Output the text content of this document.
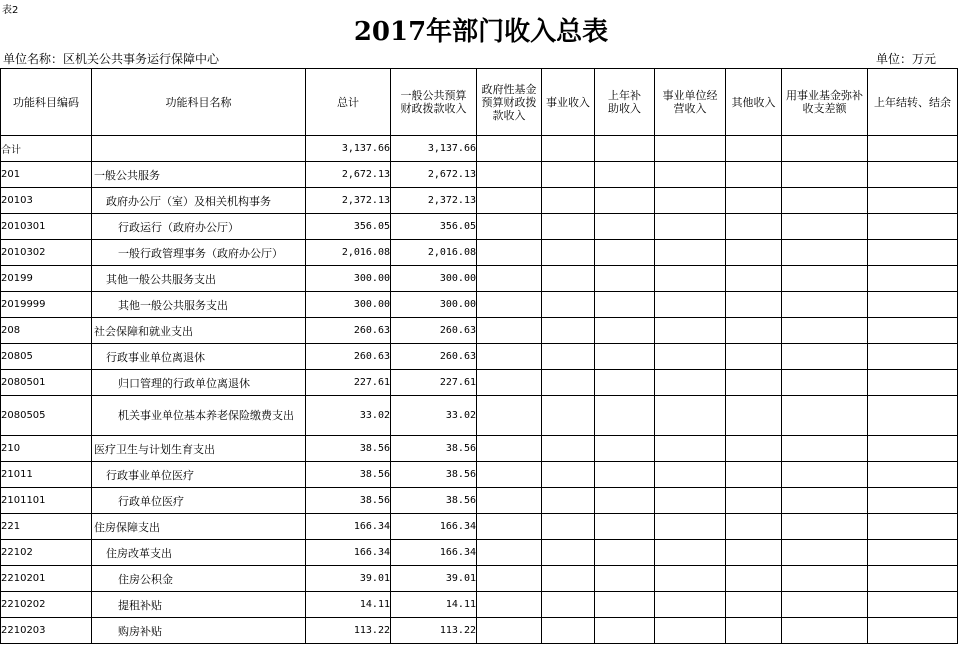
表2
2017年部门收入总表
单位名称：区机关公共事务运行保障中心	单位：万元
功能科目编码	功能科目名称	总计	一般公共预算财政拨款收入	政府性基金预算财政拨款收入	事业收入	上年补助收入	事业单位经营收入	其他收入	用事业基金弥补收支差额	上年结转、结余
合计		3,137.66	3,137.66							
201	一般公共服务	2,672.13	2,672.13							
20103	政府办公厅（室）及相关机构事务	2,372.13	2,372.13							
2010301	行政运行（政府办公厅）	356.05	356.05							
2010302	一般行政管理事务（政府办公厅）	2,016.08	2,016.08							
20199	其他一般公共服务支出	300.00	300.00							
2019999	其他一般公共服务支出	300.00	300.00							
208	社会保障和就业支出	260.63	260.63							
20805	行政事业单位离退休	260.63	260.63							
2080501	归口管理的行政单位离退休	227.61	227.61							
2080505	机关事业单位基本养老保险缴费支出	33.02	33.02							
210	医疗卫生与计划生育支出	38.56	38.56							
21011	行政事业单位医疗	38.56	38.56							
2101101	行政单位医疗	38.56	38.56							
221	住房保障支出	166.34	166.34							
22102	住房改革支出	166.34	166.34							
2210201	住房公积金	39.01	39.01							
2210202	提租补贴	14.11	14.11							
2210203	购房补贴	113.22	113.22							
